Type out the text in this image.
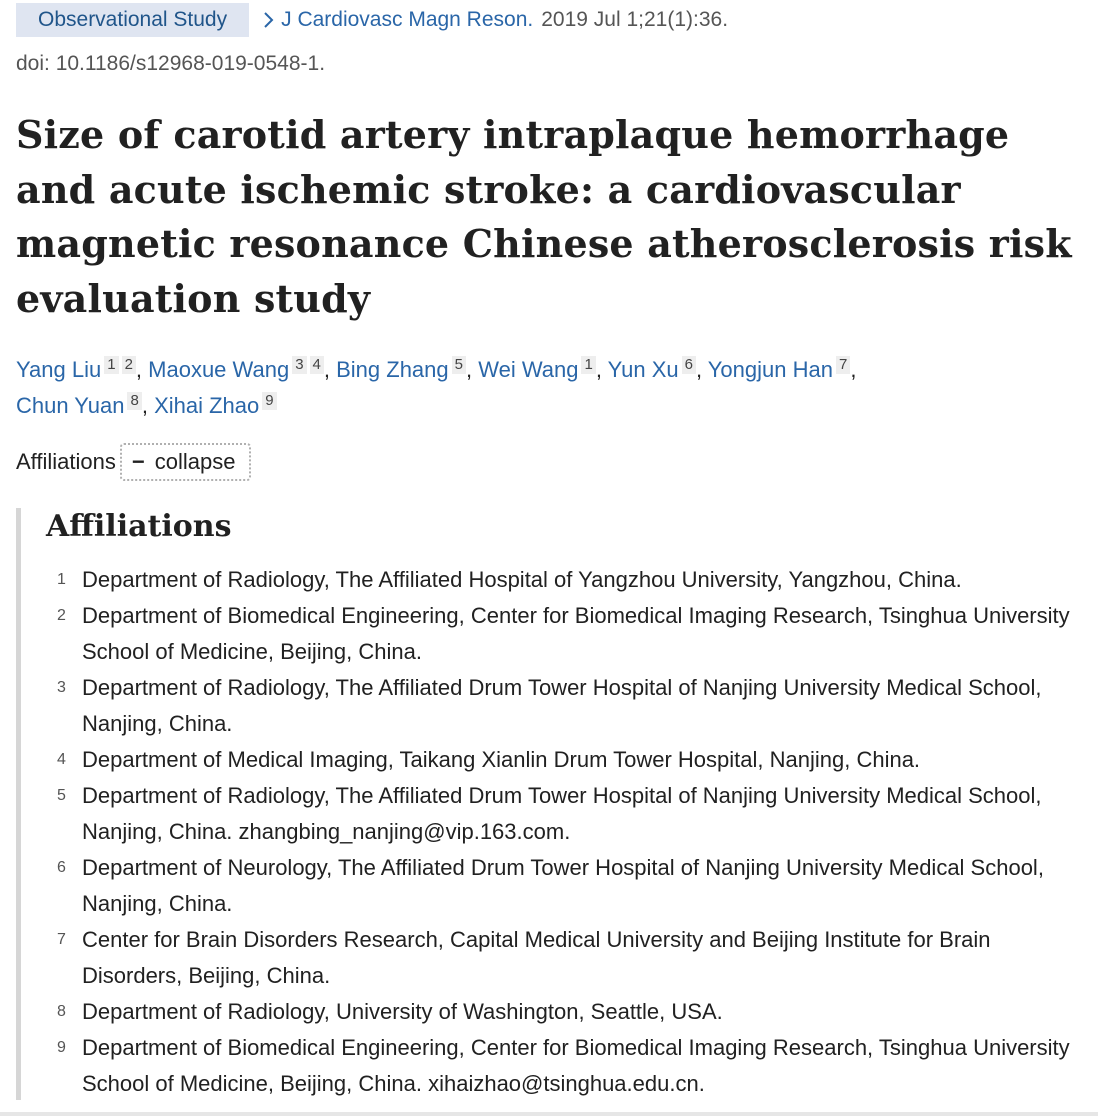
Observational Study	J Cardiovasc Magn Reson. 2019 Jul 1;21(1):36.
doi: 10.1186/s12968-019-0548-1.
Size of carotid artery intraplaque hemorrhage and acute ischemic stroke: a cardiovascular magnetic resonance Chinese atherosclerosis risk evaluation study
Yang Liu 1 2 , Maoxue Wang 3 4 , Bing Zhang 5 , Wei Wang 1 , Yun Xu 6 , Yongjun Han 7 ,
Chun Yuan 8 , Xihai Zhao 9
Affiliations − collapse
Affiliations
1 Department of Radiology, The Affiliated Hospital of Yangzhou University, Yangzhou, China.
2 Department of Biomedical Engineering, Center for Biomedical Imaging Research, Tsinghua University School of Medicine, Beijing, China.
3 Department of Radiology, The Affiliated Drum Tower Hospital of Nanjing University Medical School, Nanjing, China.
4 Department of Medical Imaging, Taikang Xianlin Drum Tower Hospital, Nanjing, China.
5 Department of Radiology, The Affiliated Drum Tower Hospital of Nanjing University Medical School, Nanjing, China. zhangbing_nanjing@vip.163.com.
6 Department of Neurology, The Affiliated Drum Tower Hospital of Nanjing University Medical School, Nanjing, China.
7 Center for Brain Disorders Research, Capital Medical University and Beijing Institute for Brain Disorders, Beijing, China.
8 Department of Radiology, University of Washington, Seattle, USA.
9 Department of Biomedical Engineering, Center for Biomedical Imaging Research, Tsinghua University School of Medicine, Beijing, China. xihaizhao@tsinghua.edu.cn.
